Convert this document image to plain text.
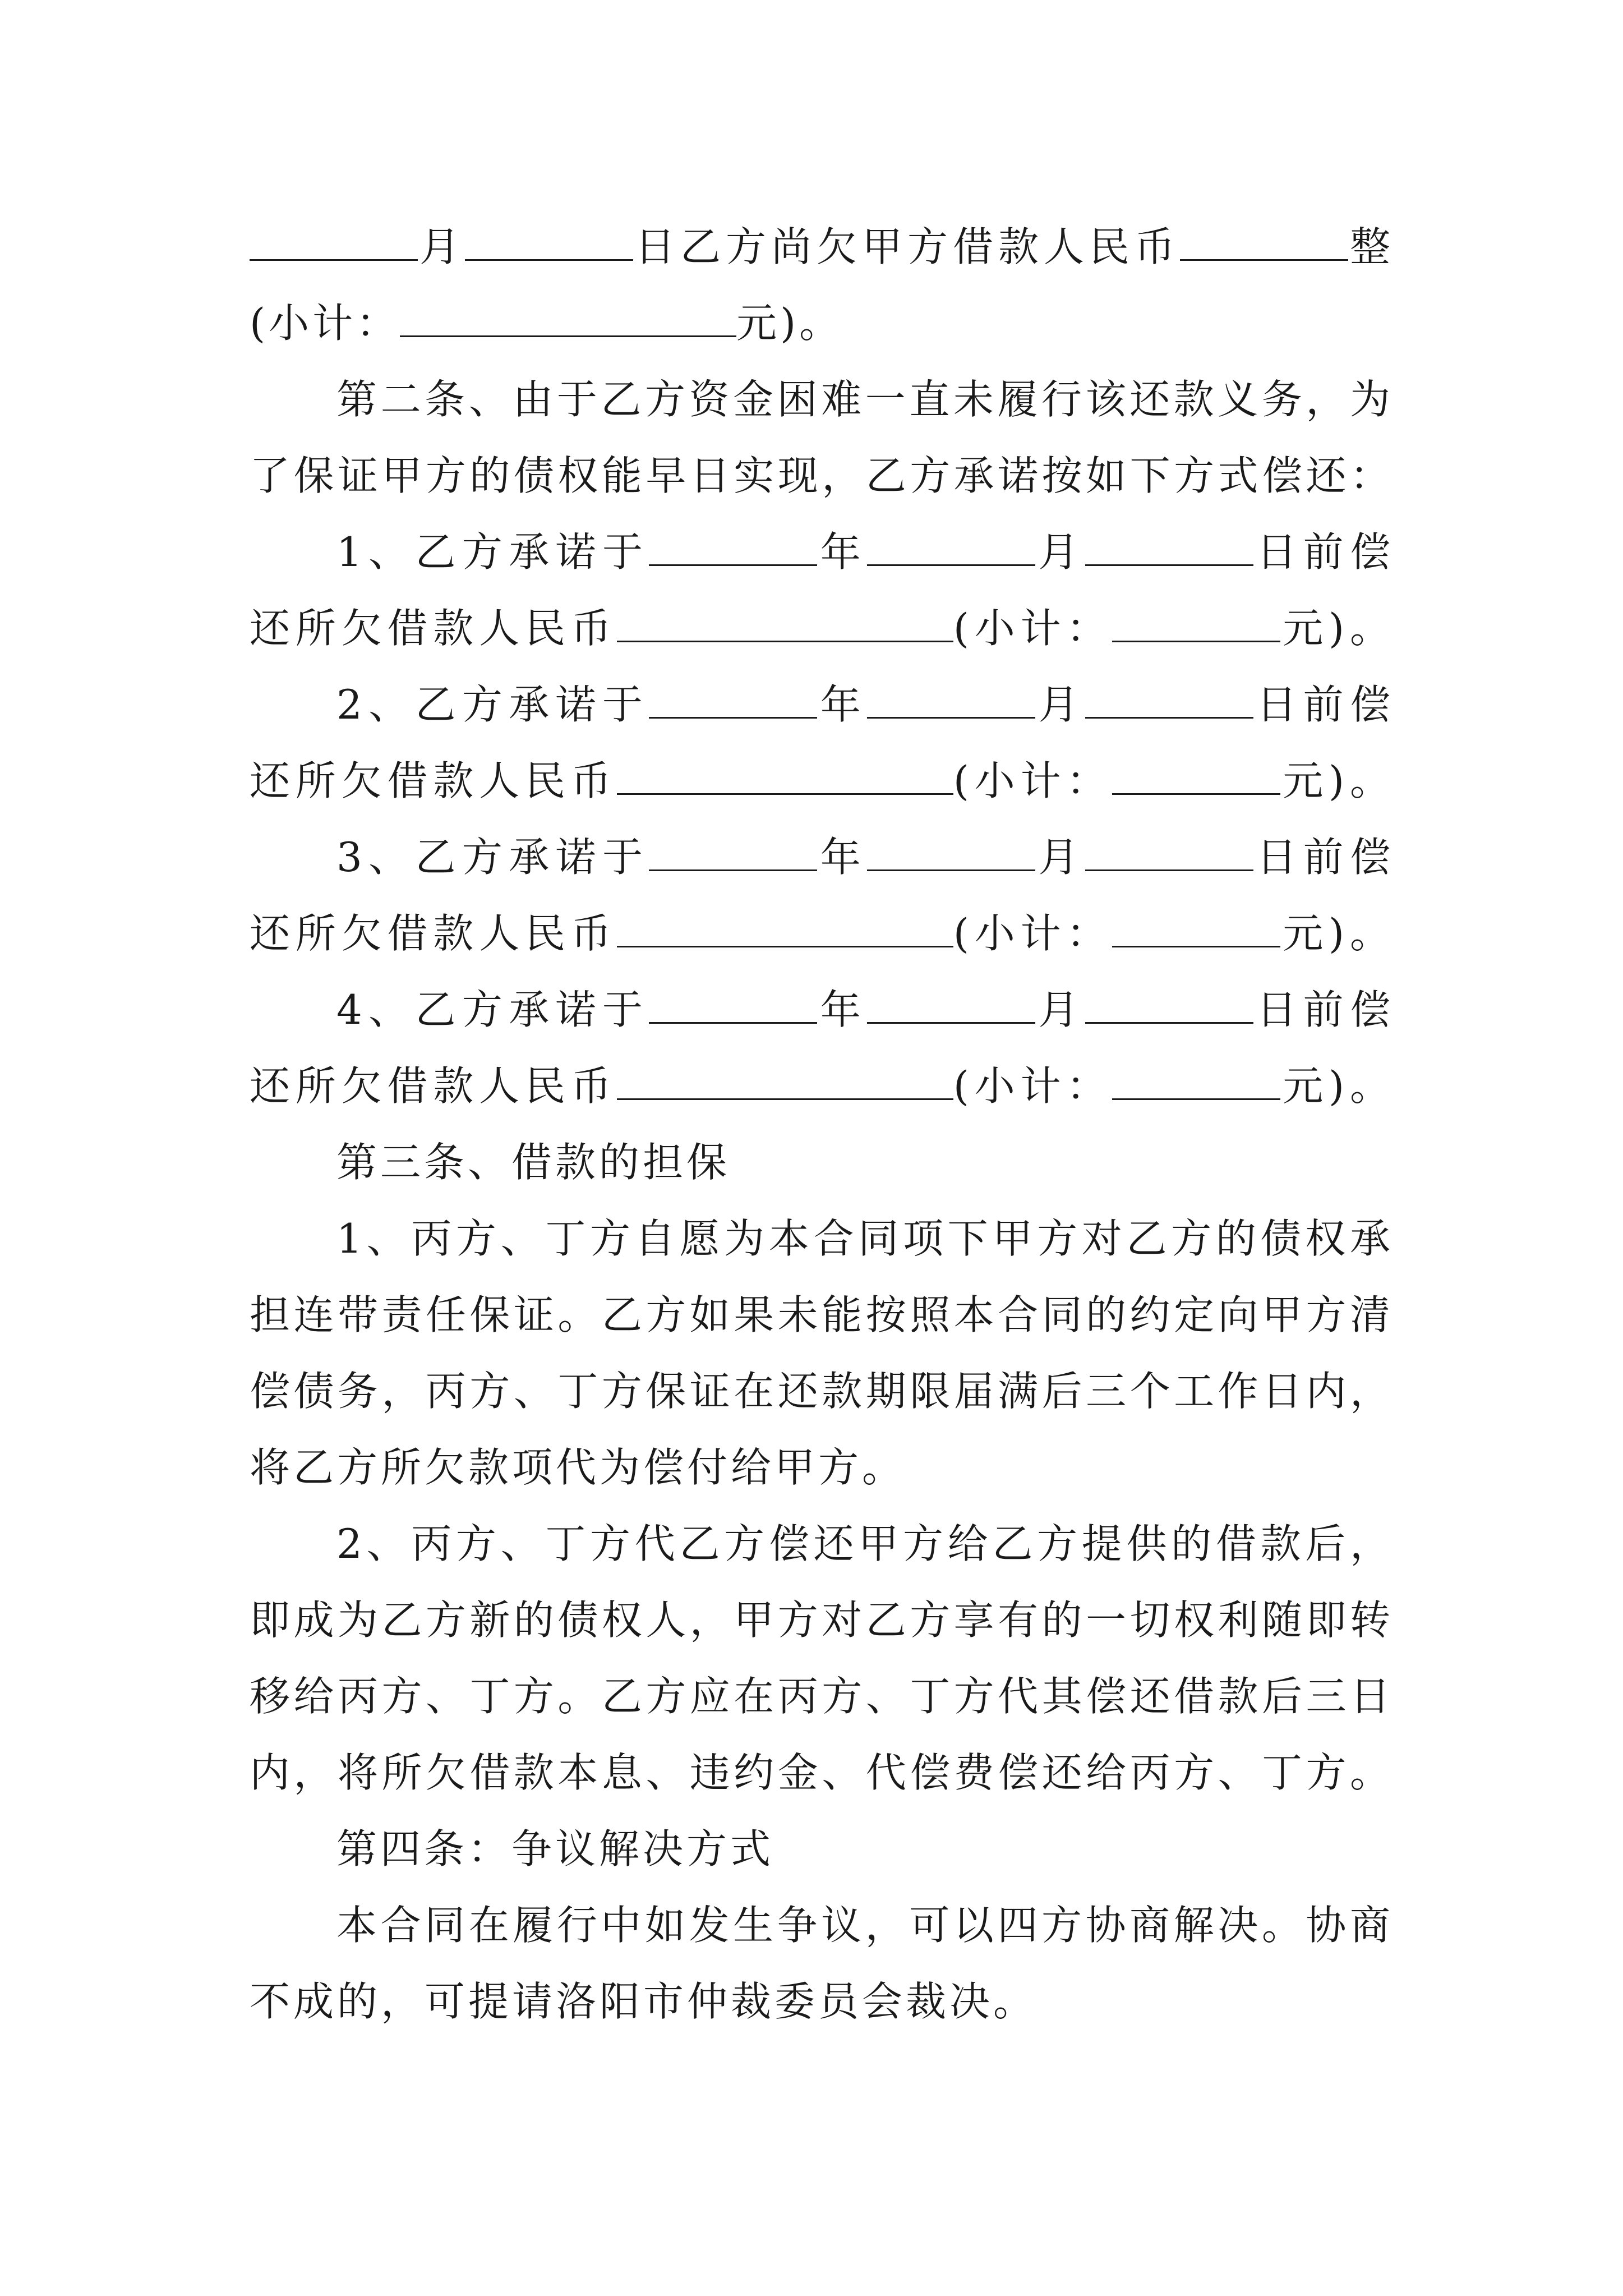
月	日乙方尚欠甲方借款人民币	整
(小计：	元)。
第二条、由于乙方资金困难一直未履行该还款义务，为
了保证甲方的债权能早日实现，乙方承诺按如下方式偿还：
1、乙方承诺于	年	月	日前偿
还所欠借款人民币	(小计：	元)。
2、乙方承诺于	年	月	日前偿
还所欠借款人民币	(小计：	元)。
3、乙方承诺于	年	月	日前偿
还所欠借款人民币	(小计：	元)。
4、乙方承诺于	年	月	日前偿
还所欠借款人民币	(小计：	元)。
第三条、借款的担保
1、丙方、丁方自愿为本合同项下甲方对乙方的债权承
担连带责任保证。乙方如果未能按照本合同的约定向甲方清
偿债务，丙方、丁方保证在还款期限届满后三个工作日内，
将乙方所欠款项代为偿付给甲方。
2、丙方、丁方代乙方偿还甲方给乙方提供的借款后，
即成为乙方新的债权人，甲方对乙方享有的一切权利随即转
移给丙方、丁方。乙方应在丙方、丁方代其偿还借款后三日
内，将所欠借款本息、违约金、代偿费偿还给丙方、丁方。
第四条：争议解决方式
本合同在履行中如发生争议，可以四方协商解决。协商
不成的，可提请洛阳市仲裁委员会裁决。
